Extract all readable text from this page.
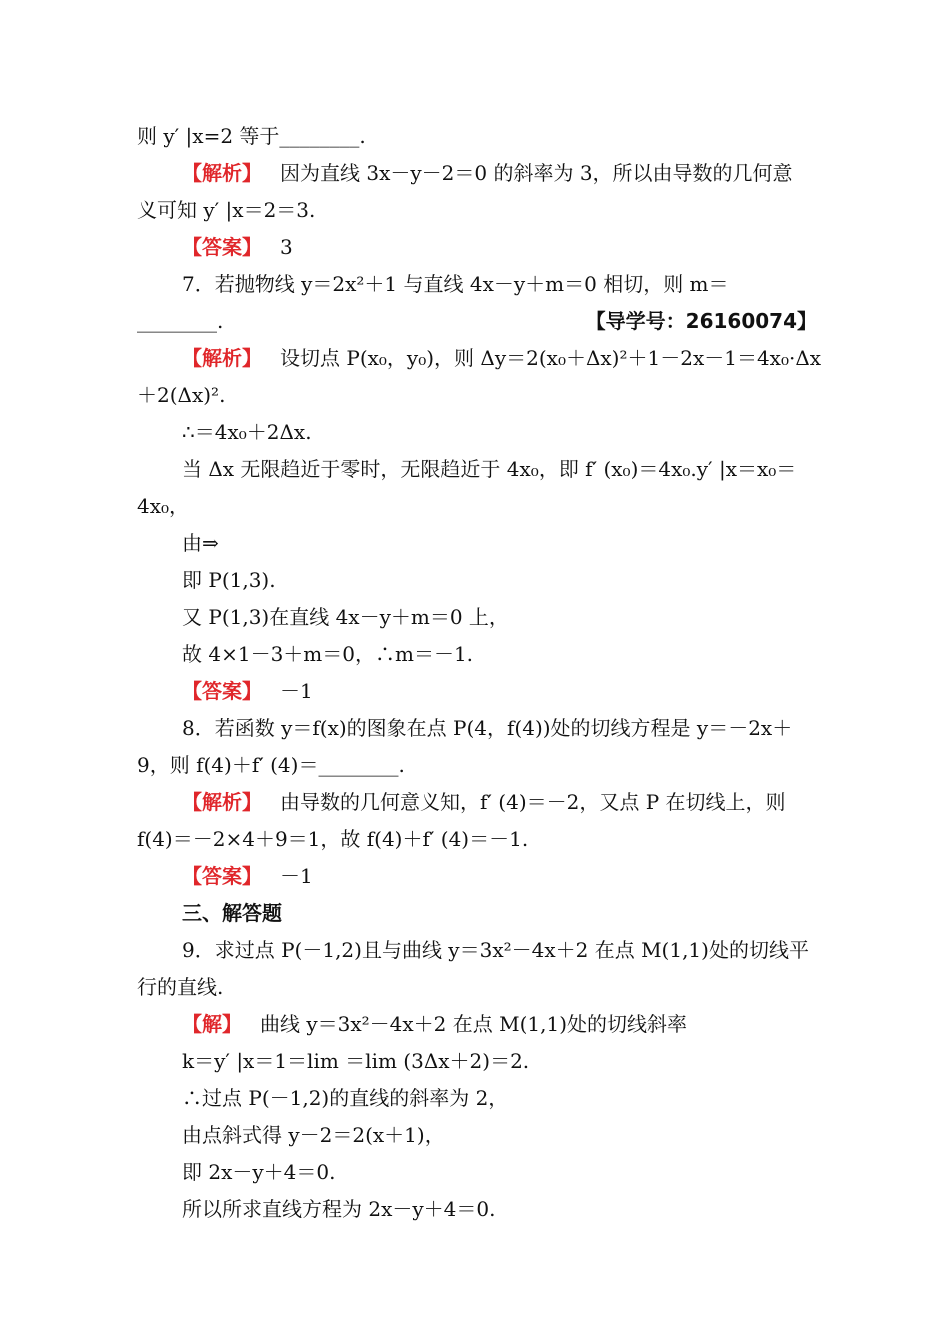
则 y′ |x=2 等于________.
【解析】 因为直线 3x－y－2＝0 的斜率为 3，所以由导数的几何意
义可知 y′ |x＝2＝3.
【答案】 3
7．若抛物线 y＝2x²＋1 与直线 4x－y＋m＝0 相切，则 m＝
________.	【导学号：26160074】
【解析】 设切点 P(x₀，y₀)，则 Δy＝2(x₀＋Δx)²＋1－2x－1＝4x₀·Δx
＋2(Δx)².
∴＝4x₀＋2Δx.
当 Δx 无限趋近于零时，无限趋近于 4x₀，即 f′ (x₀)＝4x₀.y′ |x＝x₀＝
4x₀，
由⇒
即 P(1,3).
又 P(1,3)在直线 4x－y＋m＝0 上，
故 4×1－3＋m＝0，∴m＝－1.
【答案】 －1
8．若函数 y＝f(x)的图象在点 P(4，f(4))处的切线方程是 y＝－2x＋
9，则 f(4)＋f′ (4)＝________.
【解析】 由导数的几何意义知，f′ (4)＝－2，又点 P 在切线上，则
f(4)＝－2×4＋9＝1，故 f(4)＋f′ (4)＝－1.
【答案】 －1
三、解答题
9．求过点 P(－1,2)且与曲线 y＝3x²－4x＋2 在点 M(1,1)处的切线平
行的直线.
【解】 曲线 y＝3x²－4x＋2 在点 M(1,1)处的切线斜率
k＝y′ |x＝1＝lim ＝lim (3Δx＋2)＝2.
∴过点 P(－1,2)的直线的斜率为 2，
由点斜式得 y－2＝2(x＋1)，
即 2x－y＋4＝0.
所以所求直线方程为 2x－y＋4＝0.
